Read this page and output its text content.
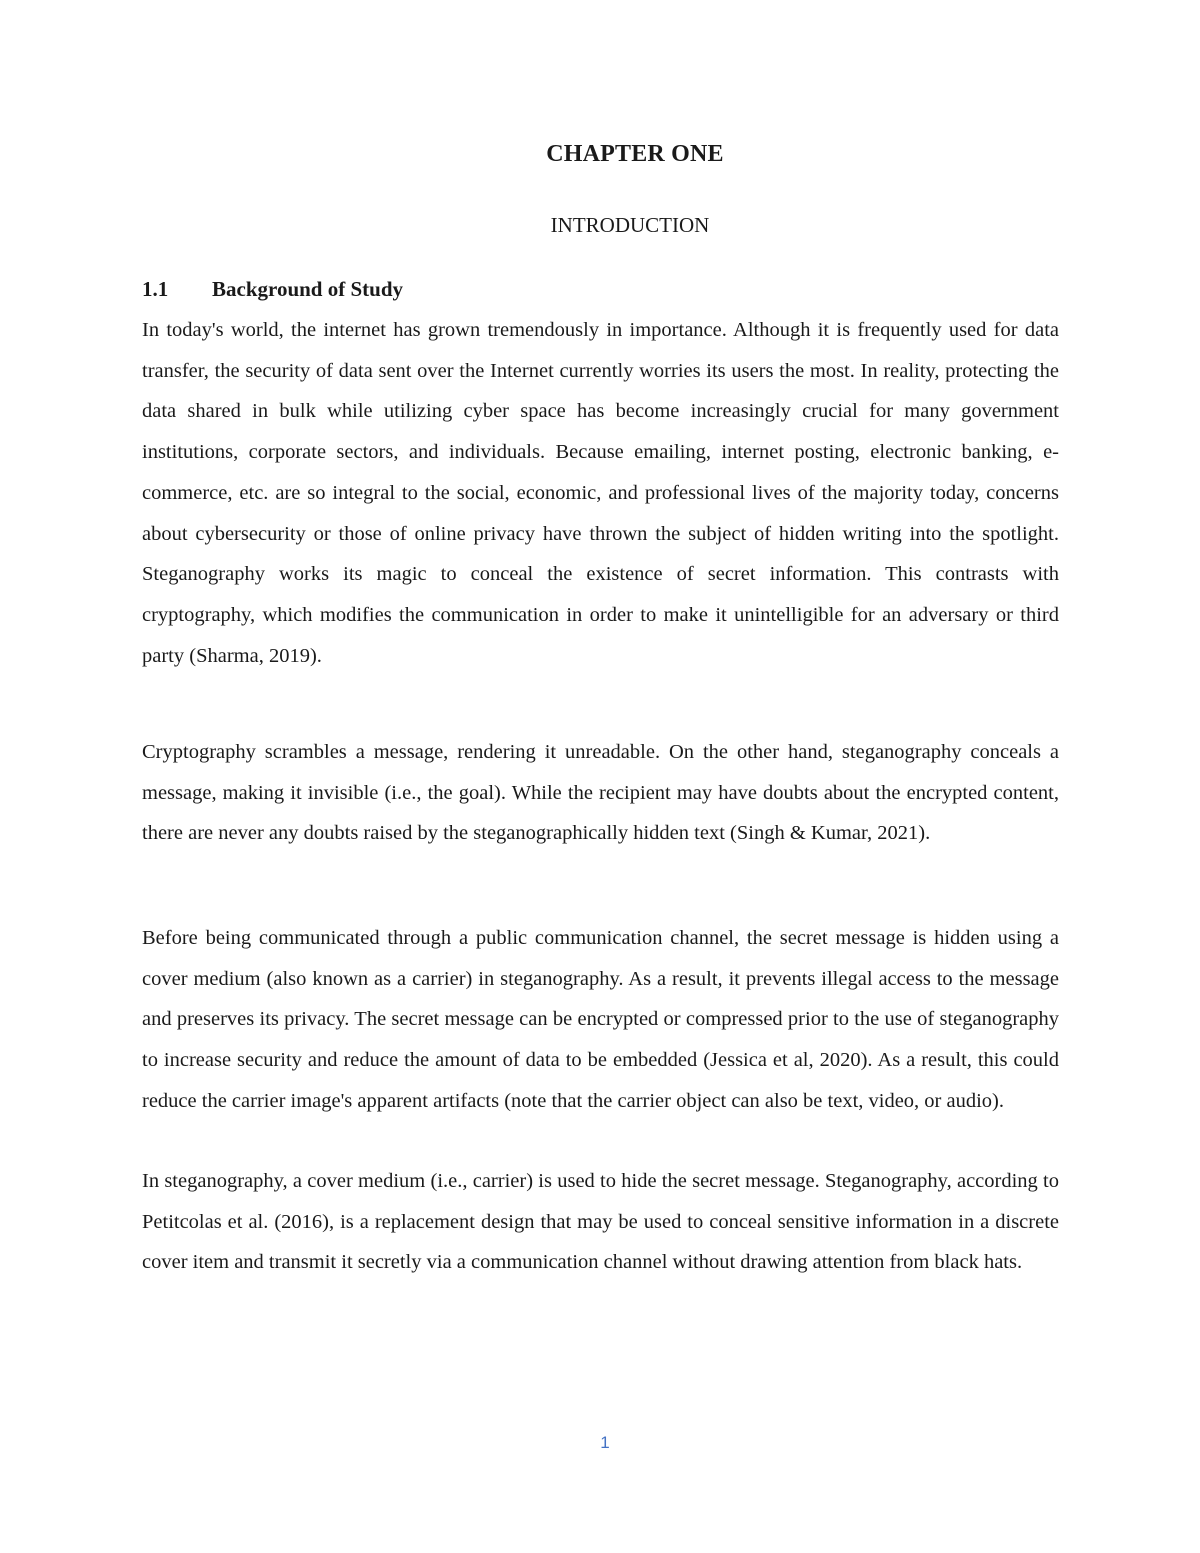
CHAPTER ONE
INTRODUCTION
1.1 Background of Study

In today's world, the internet has grown tremendously in importance. Although it is frequently used for data transfer, the security of data sent over the Internet currently worries its users the most. In reality, protecting the data shared in bulk while utilizing cyber space has become increasingly crucial for many government institutions, corporate sectors, and individuals. Because emailing, internet posting, electronic banking, e-commerce, etc. are so integral to the social, economic, and professional lives of the majority today, concerns about cybersecurity or those of online privacy have thrown the subject of hidden writing into the spotlight. Steganography works its magic to conceal the existence of secret information. This contrasts with cryptography, which modifies the communication in order to make it unintelligible for an adversary or third party (Sharma, 2019).

Cryptography scrambles a message, rendering it unreadable. On the other hand, steganography conceals a message, making it invisible (i.e., the goal). While the recipient may have doubts about the encrypted content, there are never any doubts raised by the steganographically hidden text (Singh & Kumar, 2021).

Before being communicated through a public communication channel, the secret message is hidden using a cover medium (also known as a carrier) in steganography. As a result, it prevents illegal access to the message and preserves its privacy. The secret message can be encrypted or compressed prior to the use of steganography to increase security and reduce the amount of data to be embedded (Jessica et al, 2020). As a result, this could reduce the carrier image's apparent artifacts (note that the carrier object can also be text, video, or audio).

In steganography, a cover medium (i.e., carrier) is used to hide the secret message. Steganography, according to Petitcolas et al. (2016), is a replacement design that may be used to conceal sensitive information in a discrete cover item and transmit it secretly via a communication channel without drawing attention from black hats.

1
